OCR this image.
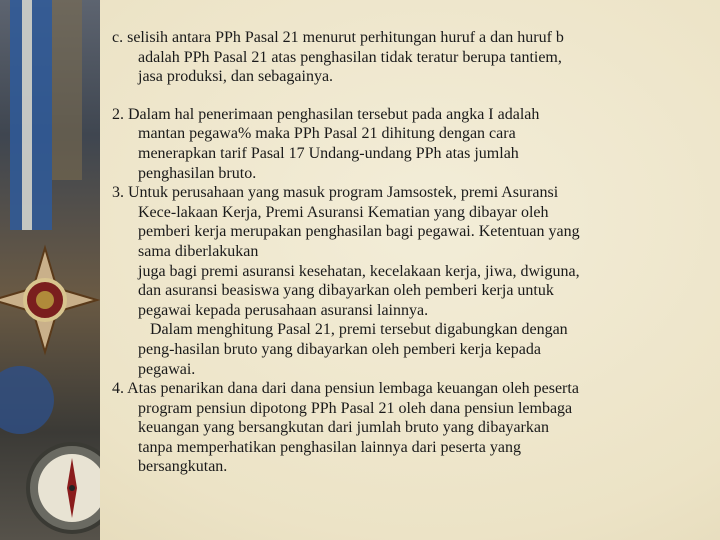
c. selisih antara PPh Pasal 21 menurut perhitungan huruf a dan huruf b
adalah PPh Pasal 21 atas penghasilan tidak teratur berupa tantiem,
jasa produksi, dan sebagainya.

2. Dalam hal penerimaan penghasilan tersebut pada angka I adalah
mantan pegawa% maka PPh Pasal 21 dihitung dengan cara
menerapkan tarif Pasal 17 Undang-undang PPh atas jumlah
penghasilan bruto.

3. Untuk perusahaan yang masuk program Jamsostek, premi Asuransi
Kece-lakaan Kerja, Premi Asuransi Kematian yang dibayar oleh
pemberi kerja merupakan penghasilan bagi pegawai. Ketentuan yang
sama diberlakukan
juga bagi premi asuransi kesehatan, kecelakaan kerja, jiwa, dwiguna,
dan asuransi beasiswa yang dibayarkan oleh pemberi kerja untuk
pegawai kepada perusahaan asuransi lainnya.
Dalam menghitung Pasal 21, premi tersebut digabungkan dengan
peng-hasilan bruto yang dibayarkan oleh pemberi kerja kepada
pegawai.

4. Atas penarikan dana dari dana pensiun lembaga keuangan oleh peserta
program pensiun dipotong PPh Pasal 21 oleh dana pensiun lembaga
keuangan yang bersangkutan dari jumlah bruto yang dibayarkan
tanpa memperhatikan penghasilan lainnya dari peserta yang
bersangkutan.
